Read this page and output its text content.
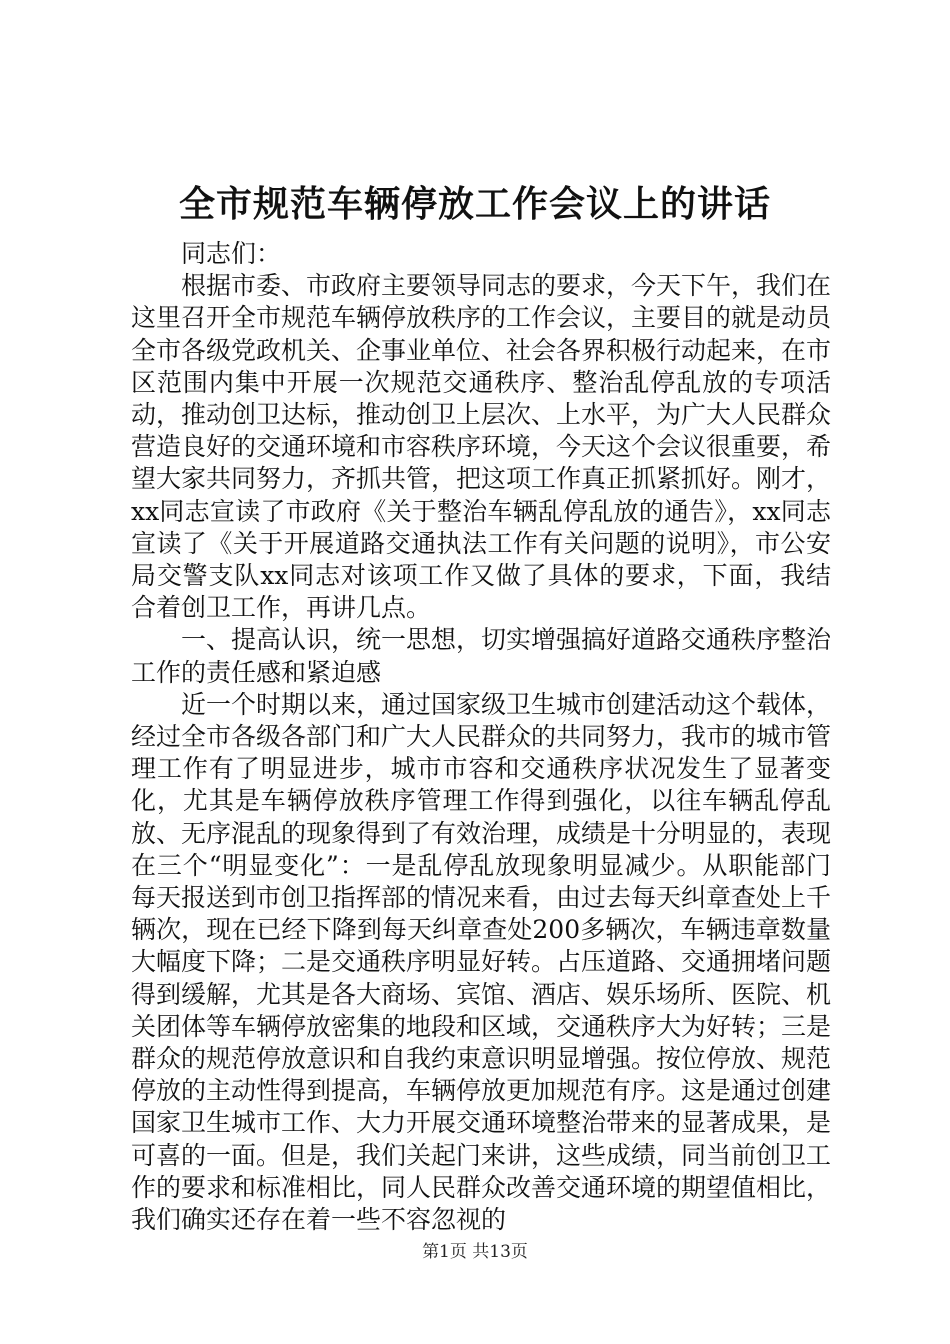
全市规范车辆停放工作会议上的讲话

同志们：

根据市委、市政府主要领导同志的要求，今天下午，我们在这里召开全市规范车辆停放秩序的工作会议，主要目的就是动员全市各级党政机关、企事业单位、社会各界积极行动起来，在市区范围内集中开展一次规范交通秩序、整治乱停乱放的专项活动，推动创卫达标，推动创卫上层次、上水平，为广大人民群众营造良好的交通环境和市容秩序环境，今天这个会议很重要，希望大家共同努力，齐抓共管，把这项工作真正抓紧抓好。刚才，xx同志宣读了市政府《关于整治车辆乱停乱放的通告》，xx同志宣读了《关于开展道路交通执法工作有关问题的说明》，市公安局交警支队xx同志对该项工作又做了具体的要求，下面，我结合着创卫工作，再讲几点。

一、提高认识，统一思想，切实增强搞好道路交通秩序整治工作的责任感和紧迫感

近一个时期以来，通过国家级卫生城市创建活动这个载体，经过全市各级各部门和广大人民群众的共同努力，我市的城市管理工作有了明显进步，城市市容和交通秩序状况发生了显著变化，尤其是车辆停放秩序管理工作得到强化，以往车辆乱停乱放、无序混乱的现象得到了有效治理，成绩是十分明显的，表现在三个“明显变化”：一是乱停乱放现象明显减少。从职能部门每天报送到市创卫指挥部的情况来看，由过去每天纠章查处上千辆次，现在已经下降到每天纠章查处200多辆次，车辆违章数量大幅度下降；二是交通秩序明显好转。占压道路、交通拥堵问题得到缓解，尤其是各大商场、宾馆、酒店、娱乐场所、医院、机关团体等车辆停放密集的地段和区域，交通秩序大为好转；三是群众的规范停放意识和自我约束意识明显增强。按位停放、规范停放的主动性得到提高，车辆停放更加规范有序。这是通过创建国家卫生城市工作、大力开展交通环境整治带来的显著成果，是可喜的一面。但是，我们关起门来讲，这些成绩，同当前创卫工作的要求和标准相比，同人民群众改善交通环境的期望值相比，我们确实还存在着一些不容忽视的

第1页 共13页
